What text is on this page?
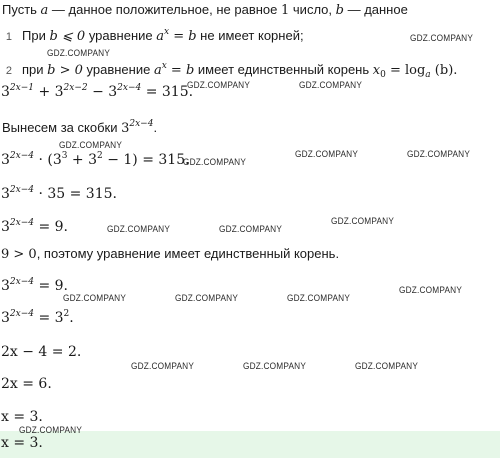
Пусть a — данное положительное, не равное 1 число, b — данное
1 При b ⩽ 0 уравнение $a^x = b$ не имеет корней;
2 при b > 0 уравнение $a^x = b$ имеет единственный корень $x_0 = \log_a (b)$.
$3^{2x-1} + 3^{2x-2} - 3^{2x-4} = 315$.
Вынесем за скобки $3^{2x-4}$.
$3^{2x-4} \cdot (3^3 + 3^2 - 1) = 315$.
$3^{2x-4} \cdot 35 = 315$.
$3^{2x-4} = 9$.
9 > 0, поэтому уравнение имеет единственный корень.
$3^{2x-4} = 9$.
$3^{2x-4} = 3^2$.
2x − 4 = 2.
2x = 6.
x = 3.
x = 3.
GDZ.COMPANY
GDZ.COMPANY
GDZ.COMPANY	GDZ.COMPANY
GDZ.COMPANY
GDZ.COMPANY
GDZ.COMPANY	GDZ.COMPANY
GDZ.COMPANY	GDZ.COMPANY
GDZ.COMPANY
GDZ.COMPANY	GDZ.COMPANY	GDZ.COMPANY
GDZ.COMPANY
GDZ.COMPANY	GDZ.COMPANY	GDZ.COMPANY
GDZ.COMPANY
